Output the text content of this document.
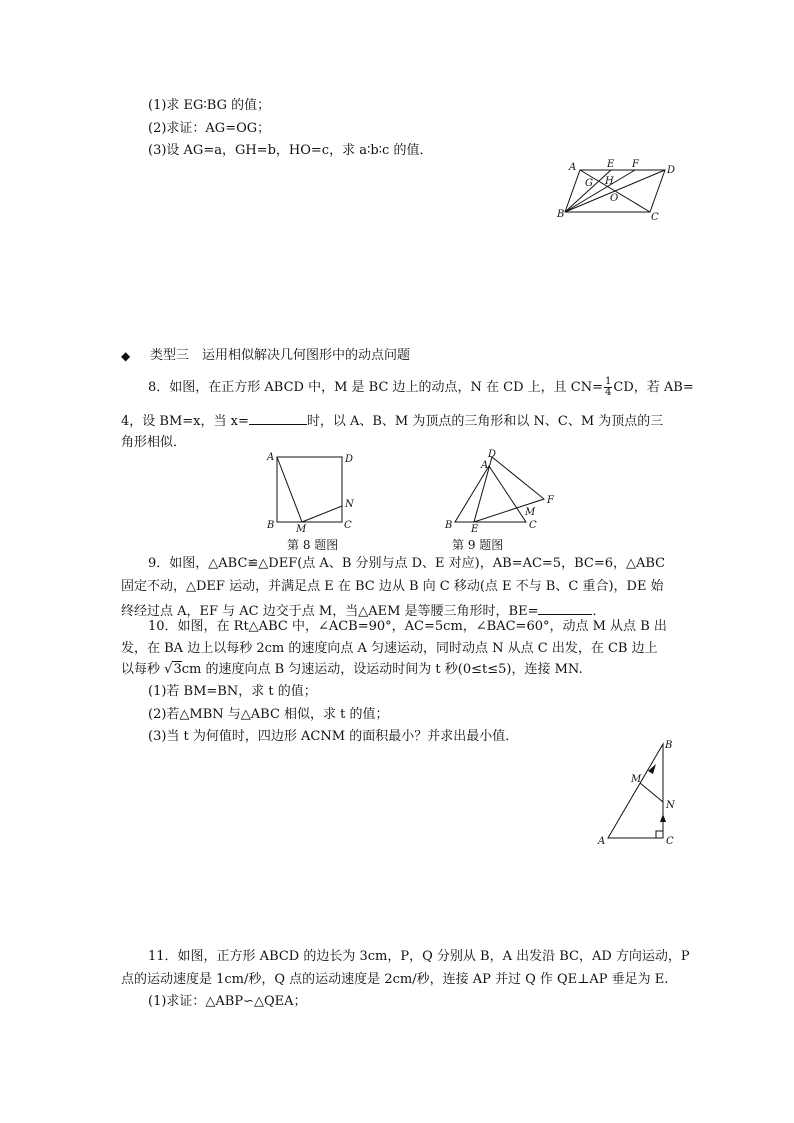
(1)求 EG∶BG 的值；
(2)求证：AG=OG；
(3)设 AG=a，GH=b，HO=c，求 a∶b∶c 的值．
A	E F
D
G H
O
B	C
◆ 类型三　运用相似解决几何图形中的动点问题
8．如图，在正方形 ABCD 中，M 是 BC 边上的动点，N 在 CD 上，且 $CN= \frac{1}{4}$ CD，若 AB=
4，设 BM=x，当 x=	时，以 A、B、M 为顶点的三角形和以 N、C、M 为顶点的三
角形相似．
A	D
N
B M	C
第 8 题图
D
A
F
M
B E	C
第 9 题图
9．如图，△ABC≌△DEF(点 A、B 分别与点 D、E 对应)，AB=AC=5，BC=6，△ABC
固定不动，△DEF 运动，并满足点 E 在 BC 边从 B 向 C 移动(点 E 不与 B、C 重合)，DE 始
终经过点 A，EF 与 AC 边交于点 M，当△AEM 是等腰三角形时，BE=	．
10．如图，在 Rt△ABC 中，∠ACB=90°，AC=5cm，∠BAC=60°，动点 M 从点 B 出
发，在 BA 边上以每秒 2cm 的速度向点 A 匀速运动，同时动点 N 从点 C 出发，在 CB 边上
以每秒 √3cm 的速度向点 B 匀速运动，设运动时间为 t 秒(0≤t≤5)，连接 MN.
(1)若 BM=BN，求 t 的值；
(2)若△MBN 与△ABC 相似，求 t 的值；
(3)当 t 为何值时，四边形 ACNM 的面积最小？并求出最小值．
B
M
N
A	C
11．如图，正方形 ABCD 的边长为 3cm，P，Q 分别从 B，A 出发沿 BC，AD 方向运动，P
点的运动速度是 1cm/秒，Q 点的运动速度是 2cm/秒，连接 AP 并过 Q 作 QE⊥AP 垂足为 E.
(1)求证：△ABP∽△QEA；
